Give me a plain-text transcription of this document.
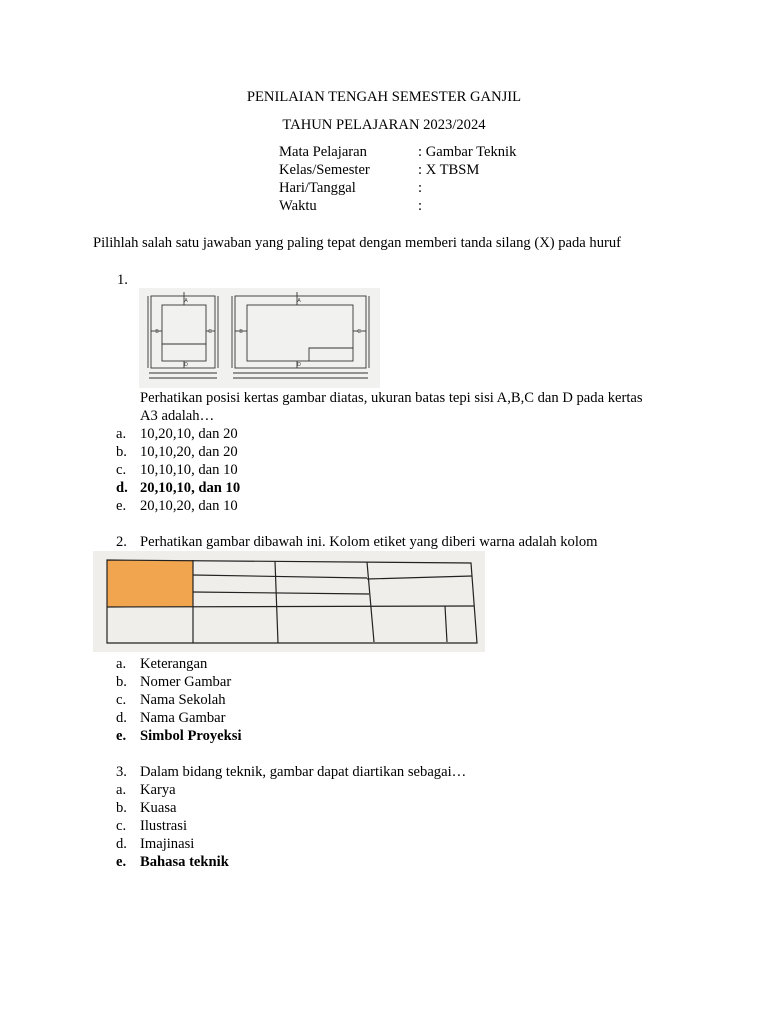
PENILAIAN TENGAH SEMESTER GANJIL
TAHUN PELAJARAN 2023/2024
Mata Pelajaran	: Gambar Teknik
Kelas/Semester	: X TBSM
Hari/Tanggal	:
Waktu	:
Pilihlah salah satu jawaban yang paling tepat dengan memberi tanda silang (X) pada huruf
1.
A
B	C
D
A
B	C
D
Perhatikan posisi kertas gambar diatas, ukuran batas tepi sisi A,B,C dan D pada kertas
A3 adalah…
a. 10,20,10, dan 20
b. 10,10,20, dan 20
c. 10,10,10, dan 10
d. 20,10,10, dan 10
e. 20,10,20, dan 10
2. Perhatikan gambar dibawah ini. Kolom etiket yang diberi warna adalah kolom
a. Keterangan
b. Nomer Gambar
c. Nama Sekolah
d. Nama Gambar
e. Simbol Proyeksi
3. Dalam bidang teknik, gambar dapat diartikan sebagai…
a. Karya
b. Kuasa
c. Ilustrasi
d. Imajinasi
e. Bahasa teknik
